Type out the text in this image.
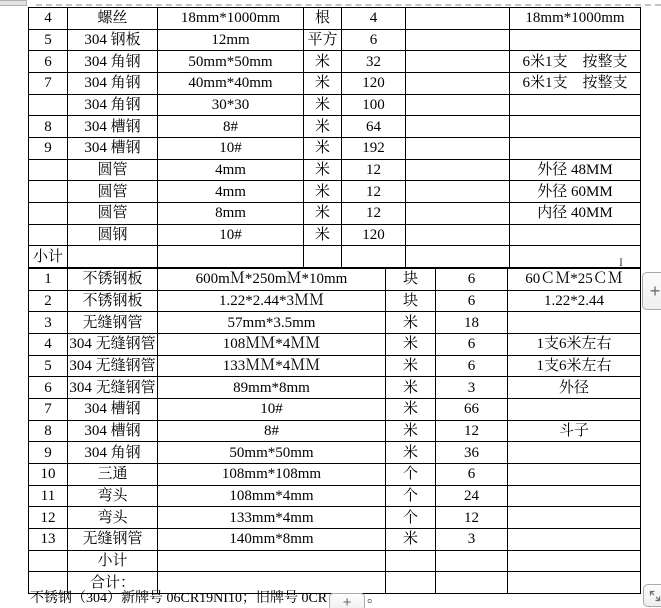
4	螺丝	18mm*1000mm	根	4		18mm*1000mm
5	304 钢板	12mm	平方	6		
6	304 角钢	50mm*50mm	米	32		6米1支　按整支
7	304 角钢	40mm*40mm	米	120		6米1支　按整支
	304 角钢	30*30	米	100		
8	304 槽钢	8#	米	64		
9	304 槽钢	10#	米	192		
	圆管	4mm	米	12		外径 48MM
	圆管	4mm	米	12		外径 60MM
	圆管	8mm	米	12		内径 40MM
	圆钢	10#	米	120		
小计						
1	不锈钢板	600mＭ*250mＭ*10mm	块	6	60ＣＭ*25ＣＭ
2	不锈钢板	1.22*2.44*3ＭＭ	块	6	1.22*2.44
3	无缝钢管	57mm*3.5mm	米	18	
4	304 无缝钢管	108ＭＭ*4ＭＭ	米	6	1支6米左右
5	304 无缝钢管	133ＭＭ*4ＭＭ	米	6	1支6米左右
6	304 无缝钢管	89mm*8mm	米	3	外径
7	304 槽钢	10#	米	66	
8	304 槽钢	8#	米	12	斗子
9	304 角钢	50mm*50mm	米	36	
10	三通	108mm*108mm	个	6	
11	弯头	108mm*4mm	个	24	
12	弯头	133mm*4mm	个	12	
13	无缝钢管	140mm*8mm	米	3	
	小计				
	合计：				
I
+
不锈钢（304）新牌号 06CR19NI10；旧牌号 0CR + 。
